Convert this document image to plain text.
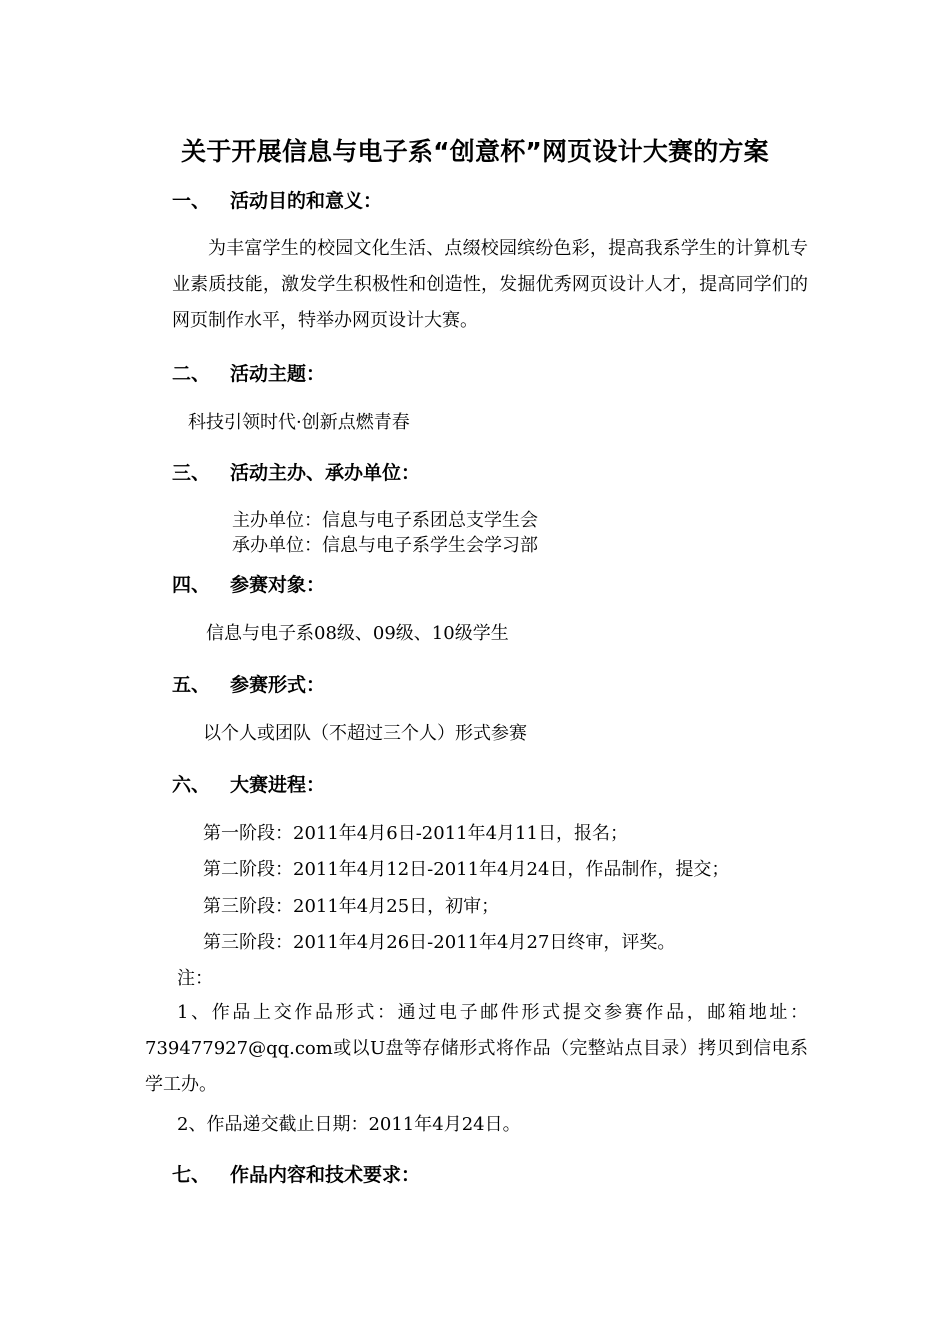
关于开展信息与电子系“创意杯”网页设计大赛的方案
一、 活动目的和意义：
为丰富学生的校园文化生活、点缀校园缤纷色彩，提高我系学生的计算机专业素质技能，激发学生积极性和创造性，发掘优秀网页设计人才，提高同学们的网页制作水平，特举办网页设计大赛。
二、 活动主题：
科技引领时代·创新点燃青春
三、 活动主办、承办单位：
主办单位：信息与电子系团总支学生会
承办单位：信息与电子系学生会学习部
四、 参赛对象：
信息与电子系08级、09级、10级学生
五、 参赛形式：
以个人或团队（不超过三个人）形式参赛
六、 大赛进程：
第一阶段：2011年4月6日-2011年4月11日，报名；
第二阶段：2011年4月12日-2011年4月24日，作品制作，提交；
第三阶段：2011年4月25日，初审；
第三阶段：2011年4月26日-2011年4月27日终审，评奖。
注：
1、作品上交作品形式：通过电子邮件形式提交参赛作品，邮箱地址：739477927@qq.com或以U盘等存储形式将作品（完整站点目录）拷贝到信电系学工办。
2、作品递交截止日期：2011年4月24日。
七、 作品内容和技术要求：
